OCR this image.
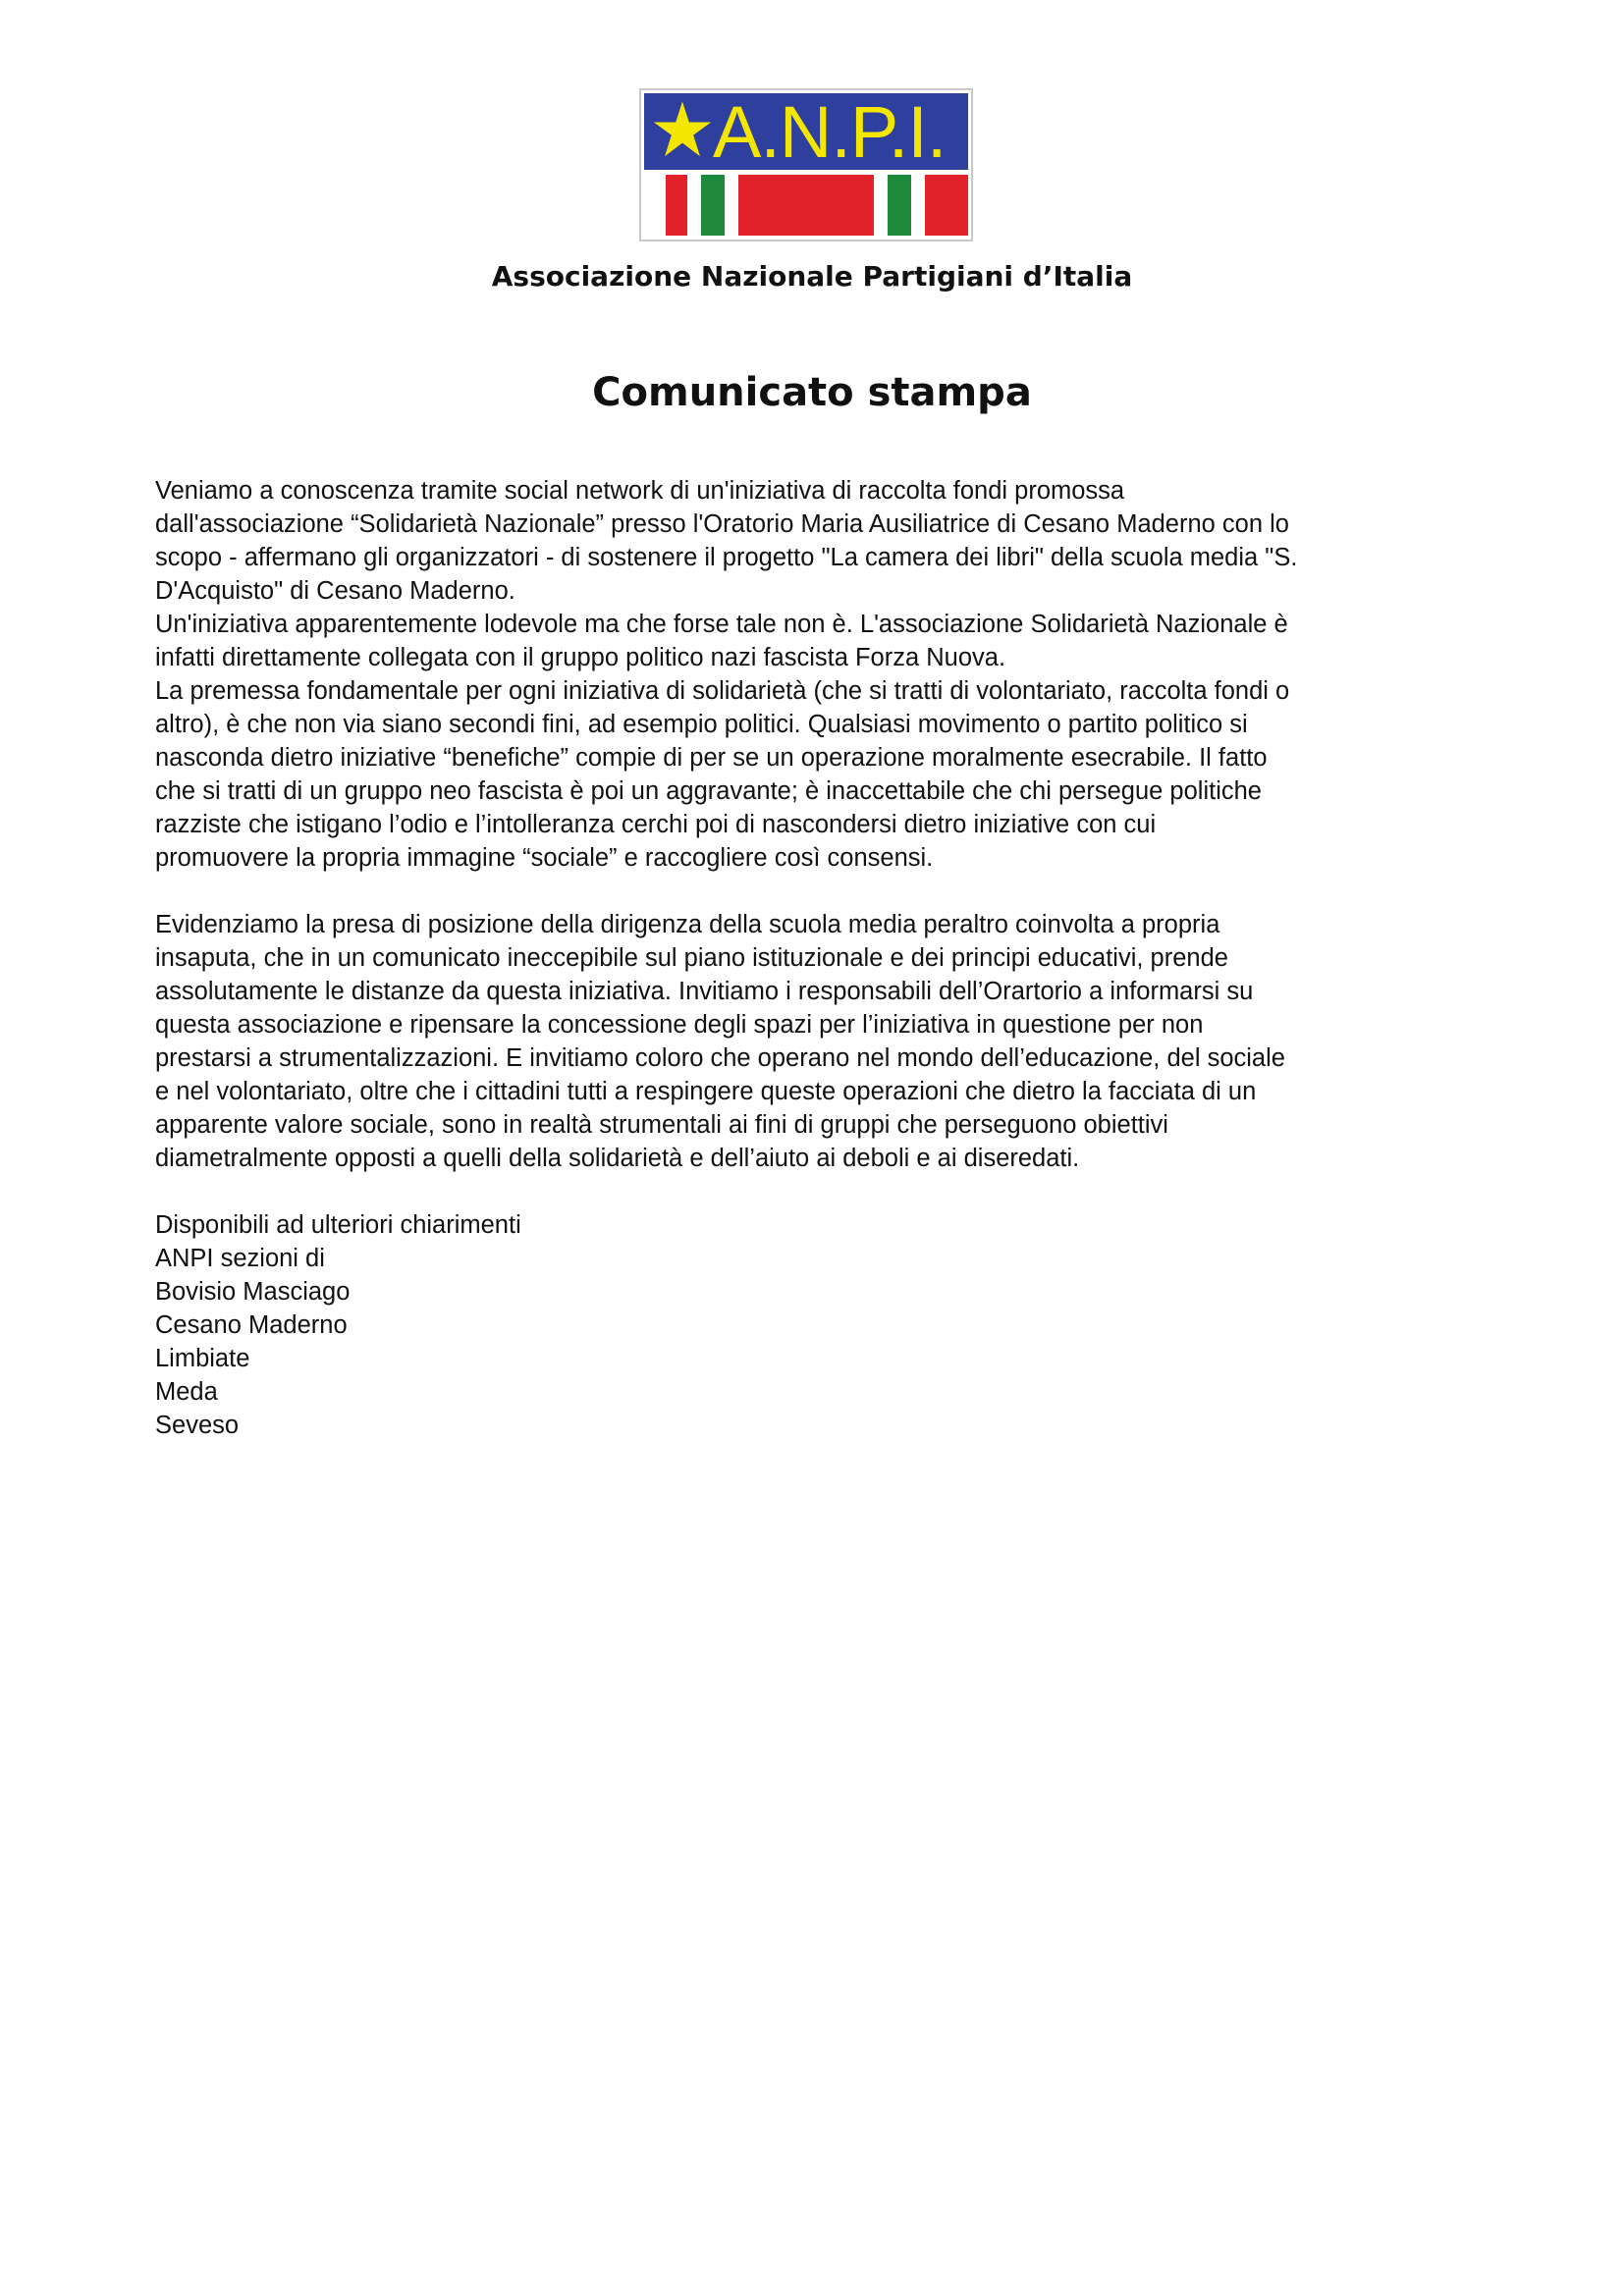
A.N.P.I.
Associazione Nazionale Partigiani d’Italia
Comunicato stampa

Veniamo a conoscenza tramite social network di un'iniziativa di raccolta fondi promossa
dall'associazione “Solidarietà Nazionale” presso l'Oratorio Maria Ausiliatrice di Cesano Maderno con lo
scopo - affermano gli organizzatori - di sostenere il progetto "La camera dei libri" della scuola media "S.
D'Acquisto" di Cesano Maderno.

Un'iniziativa apparentemente lodevole ma che forse tale non è. L'associazione Solidarietà Nazionale è
infatti direttamente collegata con il gruppo politico nazi fascista Forza Nuova.

La premessa fondamentale per ogni iniziativa di solidarietà (che si tratti di volontariato, raccolta fondi o
altro), è che non via siano secondi fini, ad esempio politici. Qualsiasi movimento o partito politico si
nasconda dietro iniziative “benefiche” compie di per se un operazione moralmente esecrabile. Il fatto
che si tratti di un gruppo neo fascista è poi un aggravante; è inaccettabile che chi persegue politiche
razziste che istigano l’odio e l’intolleranza cerchi poi di nascondersi dietro iniziative con cui
promuovere la propria immagine “sociale” e raccogliere così consensi.

Evidenziamo la presa di posizione della dirigenza della scuola media peraltro coinvolta a propria
insaputa, che in un comunicato ineccepibile sul piano istituzionale e dei principi educativi, prende
assolutamente le distanze da questa iniziativa. Invitiamo i responsabili dell’Orartorio a informarsi su
questa associazione e ripensare la concessione degli spazi per l’iniziativa in questione per non
prestarsi a strumentalizzazioni. E invitiamo coloro che operano nel mondo dell’educazione, del sociale
e nel volontariato, oltre che i cittadini tutti a respingere queste operazioni che dietro la facciata di un
apparente valore sociale, sono in realtà strumentali ai fini di gruppi che perseguono obiettivi
diametralmente opposti a quelli della solidarietà e dell’aiuto ai deboli e ai diseredati.

Disponibili ad ulteriori chiarimenti
ANPI sezioni di
Bovisio Masciago
Cesano Maderno
Limbiate
Meda
Seveso
